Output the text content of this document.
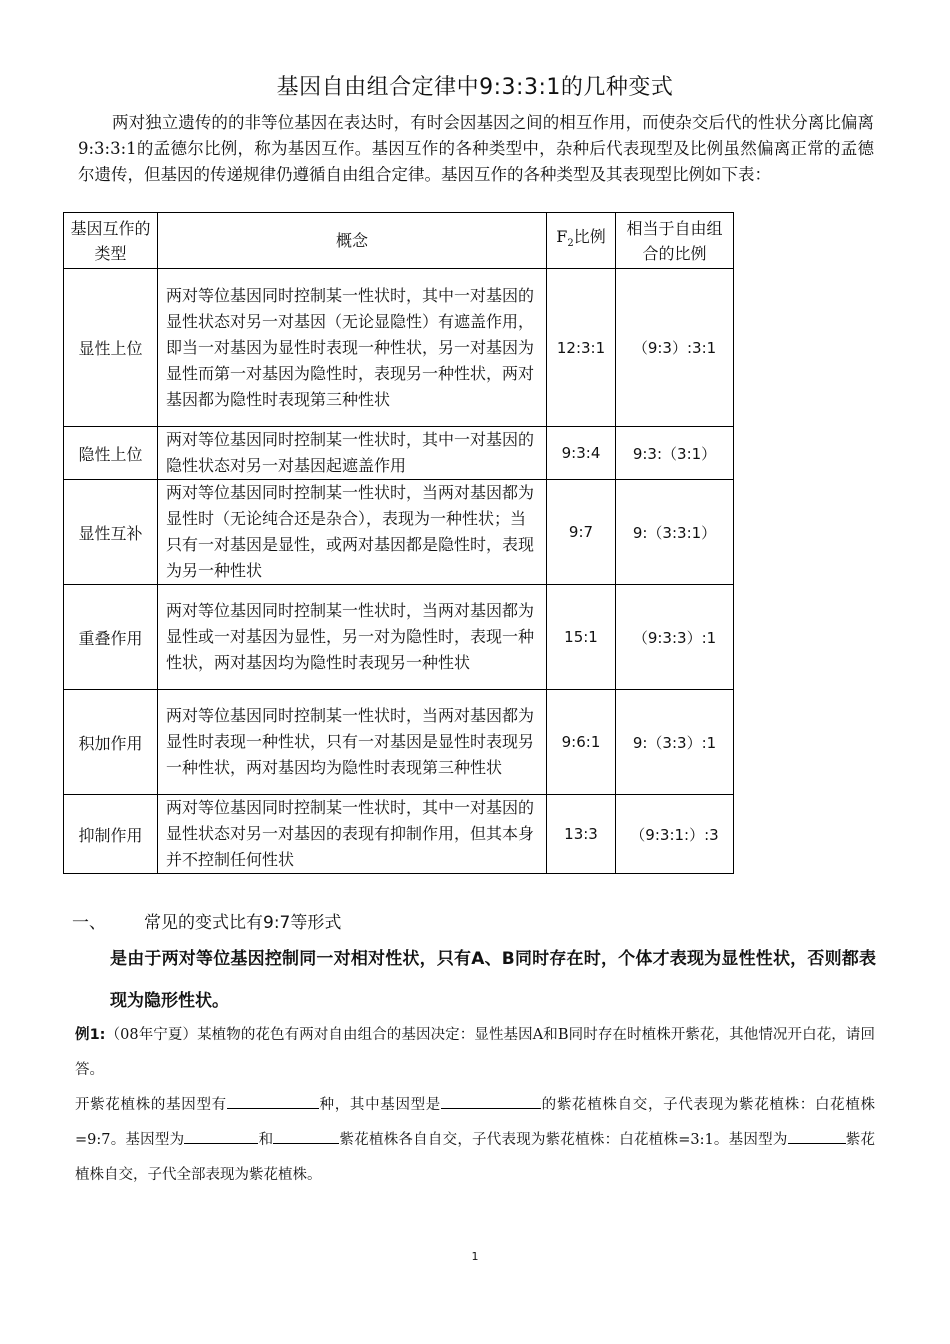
基因自由组合定律中9:3:3:1的几种变式

两对独立遗传的的非等位基因在表达时，有时会因基因之间的相互作用，而使杂交后代的性状分离比偏离9:3:3:1的孟德尔比例，称为基因互作。基因互作的各种类型中，杂种后代表现型及比例虽然偏离正常的孟德尔遗传，但基因的传递规律仍遵循自由组合定律。基因互作的各种类型及其表现型比例如下表：

基因互作的类型	概念	$F_2$比例	相当于自由组合的比例
显性上位	两对等位基因同时控制某一性状时，其中一对基因的显性状态对另一对基因（无论显隐性）有遮盖作用，即当一对基因为显性时表现一种性状，另一对基因为显性而第一对基因为隐性时，表现另一种性状，两对基因都为隐性时表现第三种性状	12:3:1	（9:3）:3:1
隐性上位	两对等位基因同时控制某一性状时，其中一对基因的隐性状态对另一对基因起遮盖作用	9:3:4	9:3:（3:1）
显性互补	两对等位基因同时控制某一性状时，当两对基因都为显性时（无论纯合还是杂合），表现为一种性状；当只有一对基因是显性，或两对基因都是隐性时，表现为另一种性状	9:7	9:（3:3:1）
重叠作用	两对等位基因同时控制某一性状时，当两对基因都为显性或一对基因为显性，另一对为隐性时，表现一种性状，两对基因均为隐性时表现另一种性状	15:1	（9:3:3）:1
积加作用	两对等位基因同时控制某一性状时，当两对基因都为显性时表现一种性状，只有一对基因是显性时表现另一种性状，两对基因均为隐性时表现第三种性状	9:6:1	9:（3:3）:1
抑制作用	两对等位基因同时控制某一性状时，其中一对基因的显性状态对另一对基因的表现有抑制作用，但其本身并不控制任何性状	13:3	（9:3:1:）:3
一、 常见的变式比有9:7等形式
是由于两对等位基因控制同一对相对性状，只有A、B同时存在时，个体才表现为显性性状，否则都表现为隐形性状。
例1:（08年宁夏）某植物的花色有两对自由组合的基因决定：显性基因A和B同时存在时植株开紫花，其他情况开白花，请回答。
开紫花植株的基因型有	种，其中基因型是	的紫花植株自交，子代表现为紫花植株：白花植株=9:7。基因型为	和	紫花植株各自自交，子代表现为紫花植株：白花植株=3:1。基因型为	紫花植株自交，子代全部表现为紫花植株。
1
